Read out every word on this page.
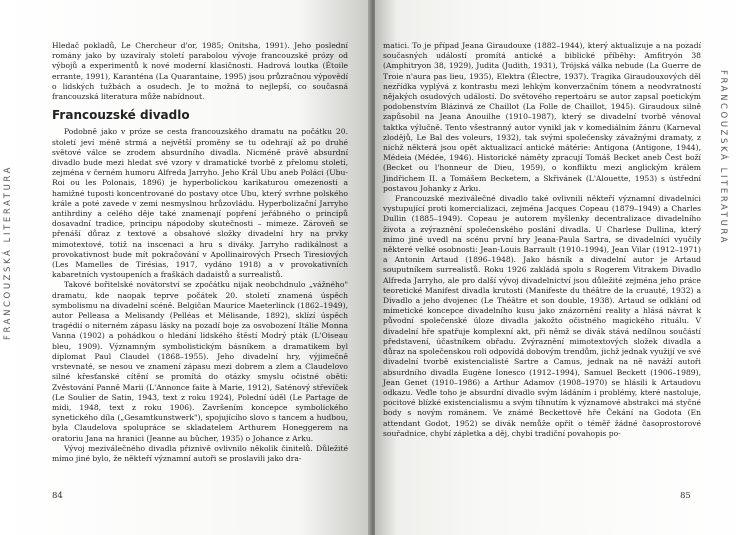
FRANCOUZSKÁ LITERATURA

Hledač pokladů, Le Chercheur d'or, 1985; Onitsha, 1991). Jeho poslední romány jako by uzavíraly století parabolou vývoje francouzské prózy od výbojů a experimentů k nové moderní klasičnosti. Hadrová loutka (Étoile errante, 1991), Karanténa (La Quarantaine, 1995) jsou průzračnou výpovědí o lidských tužbách a osudech. Je to možná to nejlepší, co současná francouzská literatura může nabídnout.

Francouzské divadlo

Podobně jako v próze se cesta francouzského dramatu na počátku 20. století jeví méně strmá a největší proměny se tu odehrají až po druhé světové válce se zrodem absurdního divadla. Nicméně právě absurdní divadlo bude mezi hledat své vzory v dramatické tvorbě z přelomu století, zejména v černém humoru Alfreda Jarryho. Jeho Král Ubu aneb Poláci (Ubu-Roi ou les Polonais, 1896) je hyperbolickou karikaturou omezenosti a hamižné tuposti koncentrované do postavy otce Ubu, který svrhne polského krále a poté zavede v zemi nesmyslnou hrůzovládu. Hyperbolizační Jarryho antihrdiny a celého děje také znamenají popření jeřábného o principů dosavadní tradice, principu nápodoby skutečnosti – mimeze. Zároveň se přenáší důraz z textové a obsahové složky divadelní hry na prvky mimotextové, totiž na inscenaci a hru s diváky. Jarryho radikálnost a provokativnost bude mít pokračování v Apollinairových Prsech Tiresiových (Les Mamelles de Tirésias, 1917, vydáno 1918) a v provokativních kabaretních vystoupeních a fraškách dadaistů a surrealistů.

Takové bořitelské novátorství se zpočátku nijak neobchdnulo „vážného" dramatu, kde naopak teprve počátek 20. století znamená úspěch symbolismu na divadelní scéně. Belgičan Maurice Maeterlinck (1862–1949), autor Pelleasa a Melisandy (Pelléas et Mélisande, 1892), sklízí úspěch tragédií o niterném zápasu lásky na pozadí boje za osvobození Itálie Monna Vanna (1902) a pohádkou o hledání lidského štěstí Modrý pták (L'Oiseau bleu, 1909). Významným symbolistickým básníkem a dramatikem byl diplomat Paul Claudel (1868–1955). Jeho divadelní hry, výjimečně vrstevnaté, se nesou ve znamení zápasu mezi dobrem a zlem a Claudelovo silné křesťanské cítění se promítá do otázky smyslu očistné oběti: Zvěstování Panně Marii (L'Annonce faite à Marie, 1912), Saténový střevíček (Le Soulier de Satin, 1943, text z roku 1924), Polední úděl (Le Partage de midi, 1948, text z roku 1906). Završením koncepce symbolického synetického díla („Gesamtkunstwerk"), spojujícího slovo s tancem a hudbou, byla Claudelova spolupráce se skladatelem Arthurem Honeggerem na oratoriu Jana na hranici (Jeanne au bûcher, 1935) o Johance z Arku.

Vývoj meziválečného divadla přiznivě ovlivnilo několik činitelů. Důležité mimo jiné bylo, že někteří významní autoři se proslavili jako dra-

84

matici. To je případ Jeana Giraudouxe (1882–1944), který aktualizuje a na pozadí současných událostí promítá antické a biblické příběhy: Amfitryón 38 (Amphitryon 38, 1929), Judita (Judith, 1931), Trójská válka nebude (La Guerre de Troie n'aura pas lieu, 1935), Elektra (Électre, 1937). Tragika Giraudouxových děl nezřídka vyplývá z kontrastu mezi lehkým konverzačním tónem a neodvratností nějakých osudových událostí. Do světového repertoáru se autor zapsal poetickým podobenstvím Blázinvá ze Chaillot (La Folle de Chaillot, 1945). Giraudoux silně zapůsobil na Jeana Anouilhe (1910–1987), který se divadelní tvorbě věnoval taktka výlučně. Tento všestranný autor vynikl jak v komediálním žánru (Karneval zlodějů, Le Bal des voleurs, 1932), tak svými společensky závažnými dramaty, z nichž některá jsou opět aktualizací antické mátérie: Antigona (Antigone, 1944), Médeia (Médée, 1946). Historické náměty zpracují Tomáš Becket aneb Čest boží (Becket ou l'honneur de Dieu, 1959), o konfliktu mezi anglickým králem Jindřichem II. a Tomášem Becketem, a Skřivánek (L'Alouette, 1953) s ústřední postavou Johanky z Arku.

Francouzské meziválečné divadlo také ovlivnili někteří významní divadelníci vystupující proti komercializaci, zejména Jacques Copeau (1879–1949) a Charles Dullin (1885–1949). Copeau je autorem myšlenky decentralizace divadelního života a zvýraznění společenského poslání divadla. U Charlese Dullina, který mimo jiné uvedl na scénu první hry Jeana-Paula Sartra, se divadelníci vyučily některé velké osobnosti: Jean-Louis Barrault (1910–1994), Jean Vilar (1912–1971) a Antonin Artaud (1896–1948). Jako básník a divadelní autor je Artaud souputníkem surrealistů. Roku 1926 zakládá spolu s Rogerem Vitrakem Divadlo Alfreda Jarryho, ale pro další vývoj divadelnictví jsou důležité zejména jeho práce teoretické Manifest divadla krutosti (Manifeste du théâtre de la cruauté, 1932) a Divadlo a jeho dvojenec (Le Théâtre et son double, 1938). Artaud se odklání od mimetické koncepce divadelního kusu jako znázornění reality a hlásá návrat k původní společenské úloze divadla jakožto očistného magického rituálu. V divadelní hře spatřuje komplexní akt, při němž se divák stává nedílnou součástí představení, účastníkem obřadu. Zvýraznění mimotextových složek divadla a důraz na společenskou roli odpovídá dobovým trendům, jichž jednak využijí ve své divadelní tvorbě existencialisté Sartre a Camus, jednak na ně naváží autoři absurdního divadla Eugène Ionesco (1912–1994), Samuel Beckett (1906–1989), Jean Genet (1910–1986) a Arthur Adamov (1908–1970) se hlásili k Artaudovu odkazu. Veďle toho je absurdní divadlo svým ládáním i problémy, které nastoluje, pocitové blízké existencialismu a svým tíhnutím k významové abstrakci má styčné body s novým románem. Ve známé Beckettově hře Čekání na Godota (En attendant Godot, 1952) se divák nemůže opřít o téměř žádné časoprostorové souřadnice, chybí zápletka a děj, chybí tradiční povahopis po-

85
FRANCOUZSKÁ LITERATURA
